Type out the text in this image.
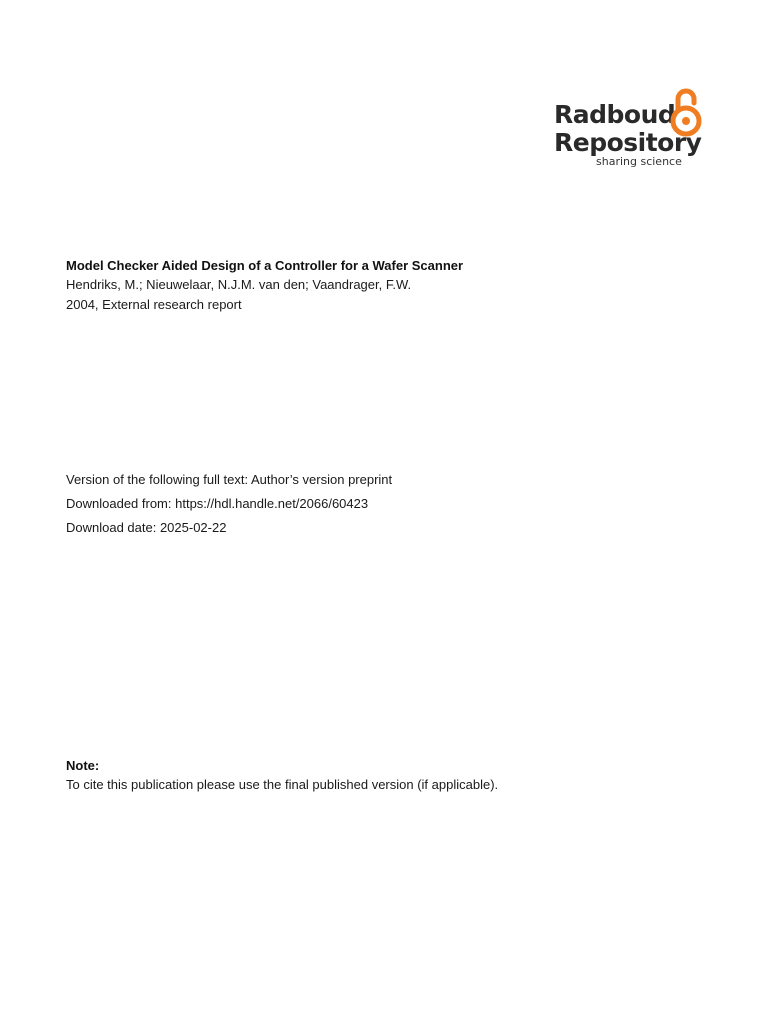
Radboud
Repository
sharing science
Model Checker Aided Design of a Controller for a Wafer Scanner
Hendriks, M.; Nieuwelaar, N.J.M. van den; Vaandrager, F.W.
2004, External research report
Version of the following full text: Author’s version preprint
Downloaded from: https://hdl.handle.net/2066/60423
Download date: 2025-02-22
Note:
To cite this publication please use the final published version (if applicable).
